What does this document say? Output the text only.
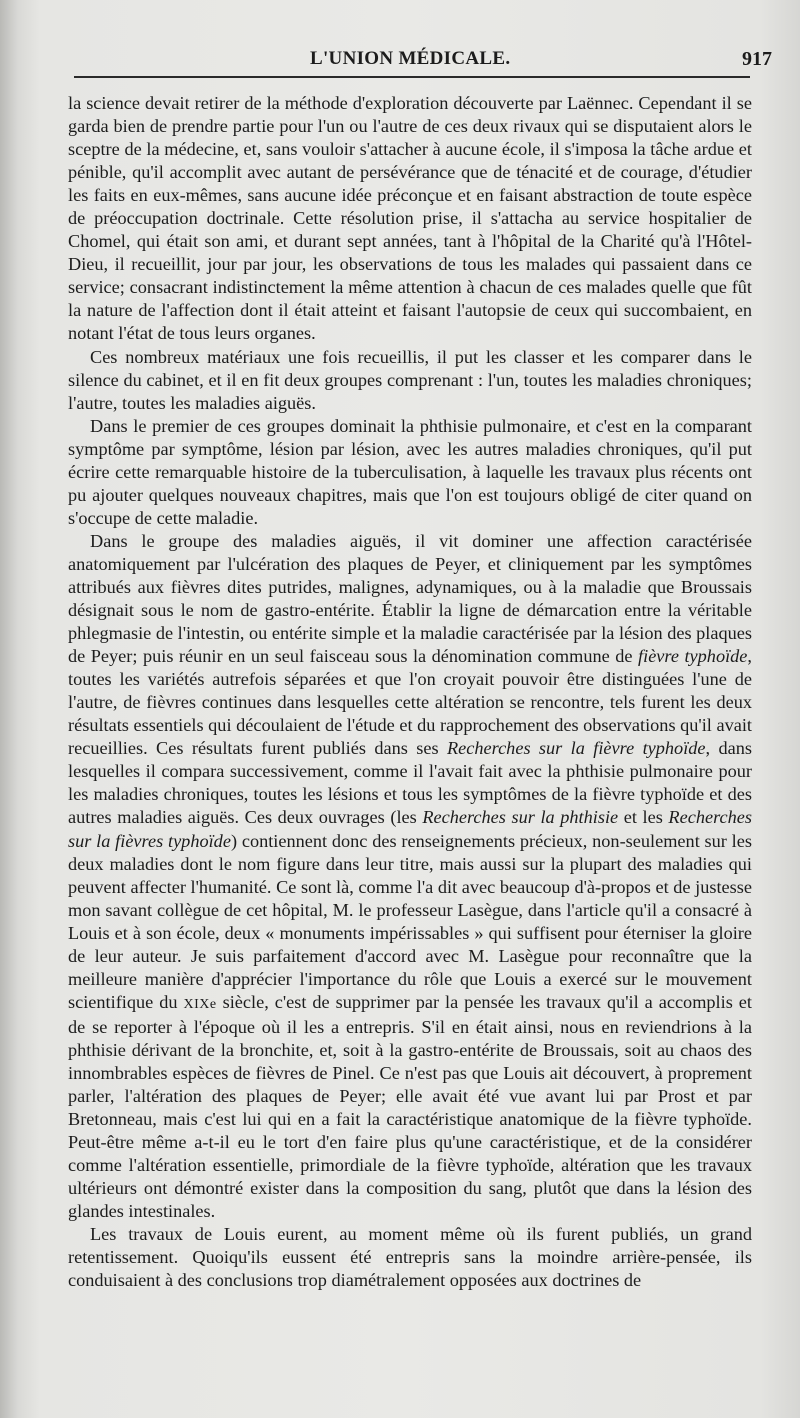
L'UNION MÉDICALE.	917

la science devait retirer de la méthode d'exploration découverte par Laënnec. Cependant il se garda bien de prendre partie pour l'un ou l'autre de ces deux rivaux qui se disputaient alors le sceptre de la médecine, et, sans vouloir s'attacher à aucune école, il s'imposa la tâche ardue et pénible, qu'il accomplit avec autant de persévérance que de ténacité et de courage, d'étudier les faits en eux-mêmes, sans aucune idée préconçue et en faisant abstraction de toute espèce de préoccupation doctrinale. Cette résolution prise, il s'attacha au service hospitalier de Chomel, qui était son ami, et durant sept années, tant à l'hôpital de la Charité qu'à l'Hôtel-Dieu, il recueillit, jour par jour, les observations de tous les malades qui passaient dans ce service; consacrant indistinctement la même attention à chacun de ces malades quelle que fût la nature de l'affection dont il était atteint et faisant l'autopsie de ceux qui succombaient, en notant l'état de tous leurs organes.

Ces nombreux matériaux une fois recueillis, il put les classer et les comparer dans le silence du cabinet, et il en fit deux groupes comprenant : l'un, toutes les maladies chroniques; l'autre, toutes les maladies aiguës.

Dans le premier de ces groupes dominait la phthisie pulmonaire, et c'est en la comparant symptôme par symptôme, lésion par lésion, avec les autres maladies chroniques, qu'il put écrire cette remarquable histoire de la tuberculisation, à laquelle les travaux plus récents ont pu ajouter quelques nouveaux chapitres, mais que l'on est toujours obligé de citer quand on s'occupe de cette maladie.

Dans le groupe des maladies aiguës, il vit dominer une affection caractérisée anatomiquement par l'ulcération des plaques de Peyer, et cliniquement par les symptômes attribués aux fièvres dites putrides, malignes, adynamiques, ou à la maladie que Broussais désignait sous le nom de gastro-entérite. Établir la ligne de démarcation entre la véritable phlegmasie de l'intestin, ou entérite simple et la maladie caractérisée par la lésion des plaques de Peyer; puis réunir en un seul faisceau sous la dénomination commune de fièvre typhoïde, toutes les variétés autrefois séparées et que l'on croyait pouvoir être distinguées l'une de l'autre, de fièvres continues dans lesquelles cette altération se rencontre, tels furent les deux résultats essentiels qui découlaient de l'étude et du rapprochement des observations qu'il avait recueillies. Ces résultats furent publiés dans ses Recherches sur la fièvre typhoïde, dans lesquelles il compara successivement, comme il l'avait fait avec la phthisie pulmonaire pour les maladies chroniques, toutes les lésions et tous les symptômes de la fièvre typhoïde et des autres maladies aiguës. Ces deux ouvrages (les Recherches sur la phthisie et les Recherches sur la fièvres typhoïde) contiennent donc des renseignements précieux, non-seulement sur les deux maladies dont le nom figure dans leur titre, mais aussi sur la plupart des maladies qui peuvent affecter l'humanité. Ce sont là, comme l'a dit avec beaucoup d'à-propos et de justesse mon savant collègue de cet hôpital, M. le professeur Lasègue, dans l'article qu'il a consacré à Louis et à son école, deux « monuments impérissables » qui suffisent pour éterniser la gloire de leur auteur. Je suis parfaitement d'accord avec M. Lasègue pour reconnaître que la meilleure manière d'apprécier l'importance du rôle que Louis a exercé sur le mouvement scientifique du XIXe siècle, c'est de supprimer par la pensée les travaux qu'il a accomplis et de se reporter à l'époque où il les a entrepris. S'il en était ainsi, nous en reviendrions à la phthisie dérivant de la bronchite, et, soit à la gastro-entérite de Broussais, soit au chaos des innombrables espèces de fièvres de Pinel. Ce n'est pas que Louis ait découvert, à proprement parler, l'altération des plaques de Peyer; elle avait été vue avant lui par Prost et par Bretonneau, mais c'est lui qui en a fait la caractéristique anatomique de la fièvre typhoïde. Peut-être même a-t-il eu le tort d'en faire plus qu'une caractéristique, et de la considérer comme l'altération essentielle, primordiale de la fièvre typhoïde, altération que les travaux ultérieurs ont démontré exister dans la composition du sang, plutôt que dans la lésion des glandes intestinales.

Les travaux de Louis eurent, au moment même où ils furent publiés, un grand retentissement. Quoiqu'ils eussent été entrepris sans la moindre arrière-pensée, ils conduisaient à des conclusions trop diamétralement opposées aux doctrines de
